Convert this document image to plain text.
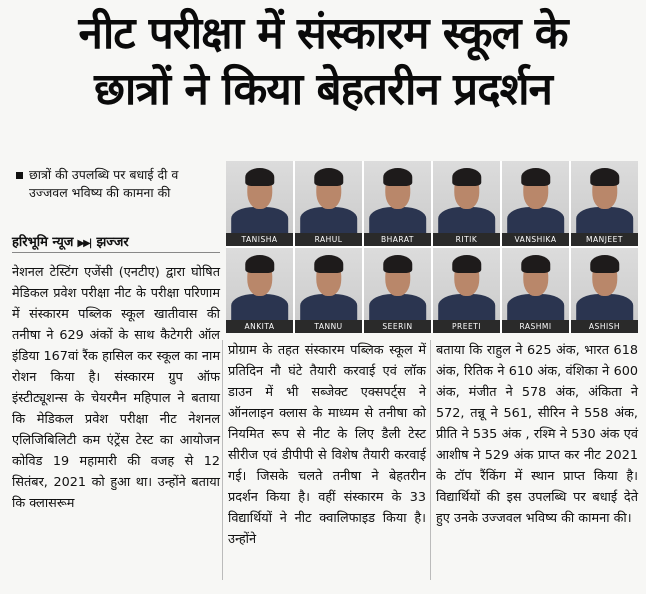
नीट परीक्षा में संस्कारम स्कूल के
छात्रों ने किया बेहतरीन प्रदर्शन
छात्रों की उपलब्धि पर बधाई दी व
उज्जवल भविष्य की कामना की
हरिभूमि न्यूज ▶▶| झज्जर	TANISHA	RAHUL	BHARAT	RITIK	VANSHIKA	MANJEET
ANKITA	TANNU	SEERIN	PREETI	RASHMI	ASHISH
नेशनल टेस्टिंग एजेंसी (एनटीए) द्वारा घोषित मेडिकल प्रवेश परीक्षा नीट के परीक्षा परिणाम में संस्कारम पब्लिक स्कूल खातीवास की तनीषा ने 629 अंकों के साथ कैटेगरी ऑल इंडिया 167वां रैंक हासिल कर स्कूल का नाम रोशन किया है। संस्कारम ग्रुप ऑफ इंस्टीट्यूशन्स के चेयरमैन महिपाल ने बताया कि मेडिकल प्रवेश परीक्षा नीट नेशनल एलिजिबिलिटी कम एंट्रेंस टेस्ट का आयोजन कोविड 19 महामारी की वजह से 12 सितंबर, 2021 को हुआ था। उन्होंने बताया कि क्लासरूम
प्रोग्राम के तहत संस्कारम पब्लिक स्कूल में प्रतिदिन नौ घंटे तैयारी करवाई एवं लॉक डाउन में भी सब्जेक्ट एक्सपर्ट्स ने ऑनलाइन क्लास के माध्यम से तनीषा को नियमित रूप से नीट के लिए डैली टेस्ट सीरीज एवं डीपीपी से विशेष तैयारी करवाई गई। जिसके चलते तनीषा ने बेहतरीन प्रदर्शन किया है। वहीं संस्कारम के 33 विद्यार्थियों ने नीट क्वालिफाइड किया है। उन्होंने
बताया कि राहुल ने 625 अंक, भारत 618 अंक, रितिक ने 610 अंक, वंशिका ने 600 अंक, मंजीत ने 578 अंक, अंकिता ने 572, तन्नू ने 561, सीरिन ने 558 अंक, प्रीति ने 535 अंक , रश्मि ने 530 अंक एवं आशीष ने 529 अंक प्राप्त कर नीट 2021 के टॉप रैंकिंग में स्थान प्राप्त किया है। विद्यार्थियों की इस उपलब्धि पर बधाई देते हुए उनके उज्जवल भविष्य की कामना की।
